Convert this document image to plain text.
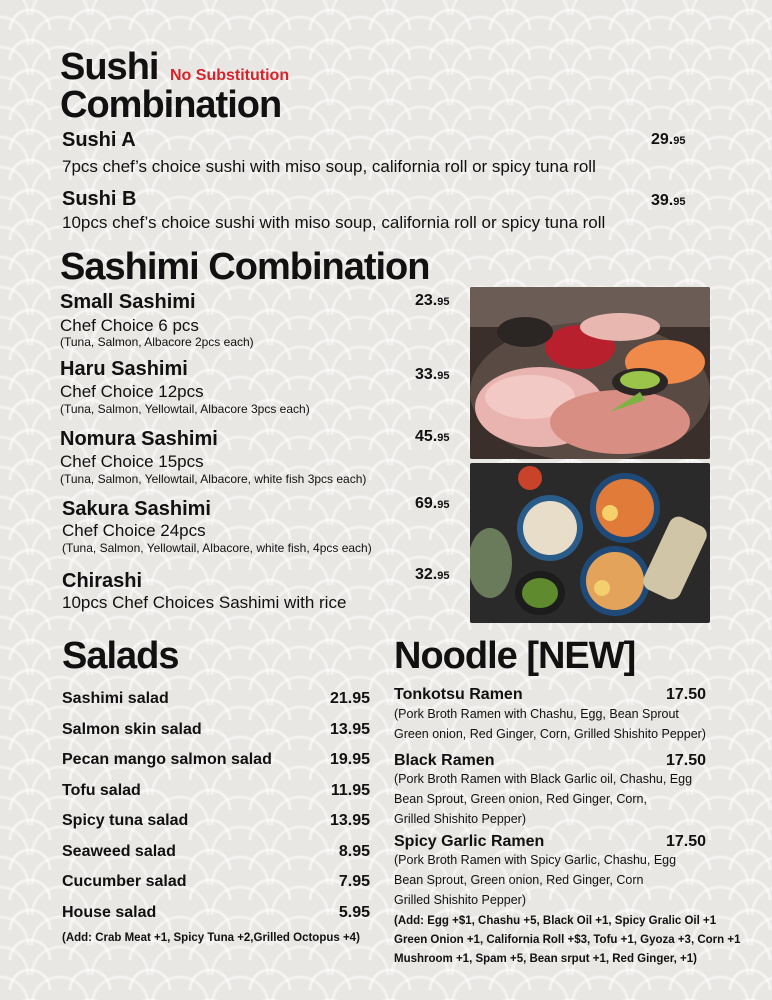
Sushi No Substitution
Combination
Sushi A	29.95
7pcs chef’s choice sushi with miso soup, california roll or spicy tuna roll
Sushi B	39.95
10pcs chef’s choice sushi with miso soup, california roll or spicy tuna roll
Sashimi Combination
Small Sashimi	23.95
Chef Choice 6 pcs
(Tuna, Salmon, Albacore 2pcs each)
Haru Sashimi	33.95
Chef Choice 12pcs
(Tuna, Salmon, Yellowtail, Albacore 3pcs each)
Nomura Sashimi	45.95
Chef Choice 15pcs
(Tuna, Salmon, Yellowtail, Albacore, white fish 3pcs each)
Sakura Sashimi	69.95
Chef Choice 24pcs
(Tuna, Salmon, Yellowtail, Albacore, white fish, 4pcs each)
Chirashi	32.95
10pcs Chef Choices Sashimi with rice
Salads
Sashimi salad	21.95
Salmon skin salad	13.95
Pecan mango salmon salad	19.95
Tofu salad	11.95
Spicy tuna salad	13.95
Seaweed salad	8.95
Cucumber salad	7.95
House salad	5.95
(Add: Crab Meat +1, Spicy Tuna +2,Grilled Octopus +4)
Noodle [NEW]
Tonkotsu Ramen	17.50
(Pork Broth Ramen with Chashu, Egg, Bean Sprout
Green onion, Red Ginger, Corn, Grilled Shishito Pepper)
Black Ramen	17.50
(Pork Broth Ramen with Black Garlic oil, Chashu, Egg
Bean Sprout, Green onion, Red Ginger, Corn,
Grilled Shishito Pepper)
Spicy Garlic Ramen	17.50
(Pork Broth Ramen with Spicy Garlic, Chashu, Egg
Bean Sprout, Green onion, Red Ginger, Corn
Grilled Shishito Pepper)
(Add: Egg +$1, Chashu +5, Black Oil +1, Spicy Gralic Oil +1
Green Onion +1, California Roll +$3, Tofu +1, Gyoza +3, Corn +1
Mushroom +1, Spam +5, Bean srput +1, Red Ginger, +1)
